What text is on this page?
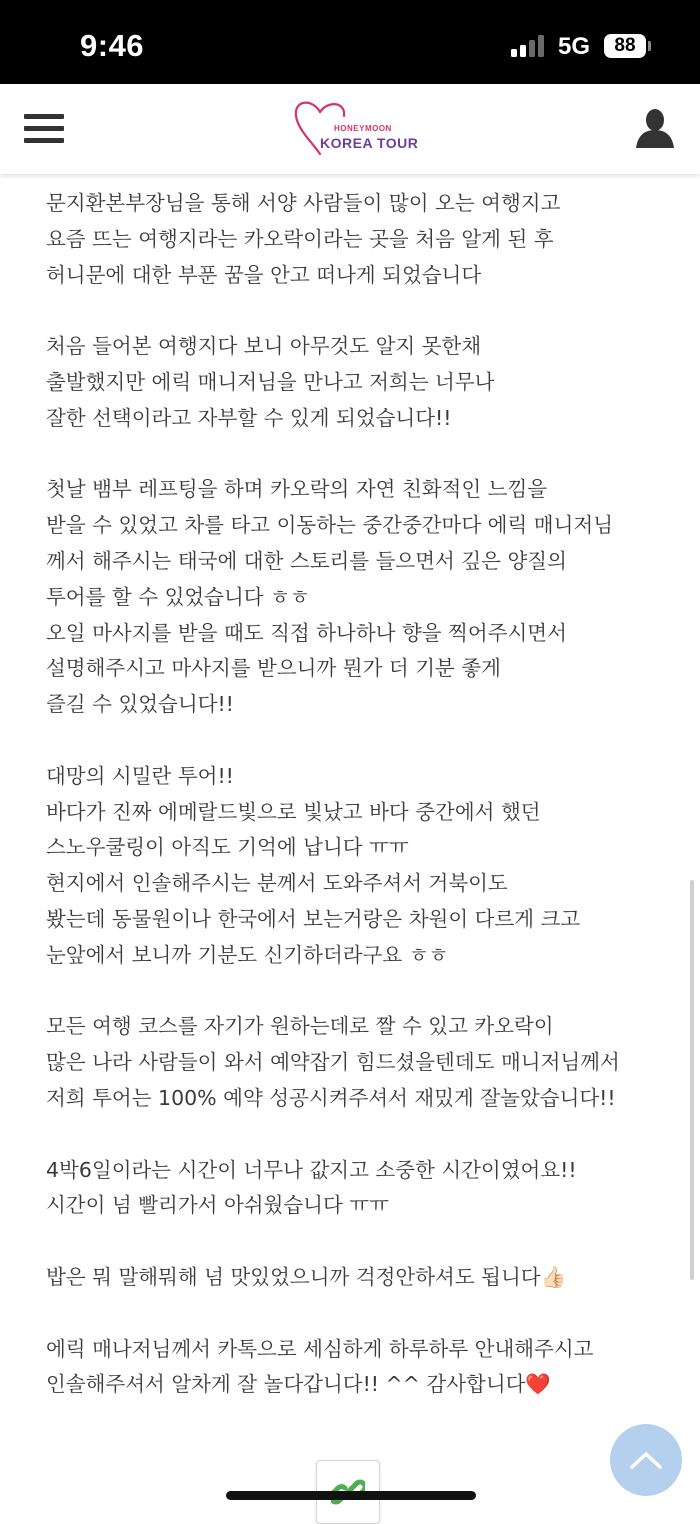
9:46	5G 88
HONEYMOON
KOREA TOUR

문지환본부장님을 통해 서양 사람들이 많이 오는 여행지고

요즘 뜨는 여행지라는 카오락이라는 곳을 처음 알게 된 후

허니문에 대한 부푼 꿈을 안고 떠나게 되었습니다

처음 들어본 여행지다 보니 아무것도 알지 못한채

출발했지만 에릭 매니저님을 만나고 저희는 너무나

잘한 선택이라고 자부할 수 있게 되었습니다!!

첫날 뱀부 레프팅을 하며 카오락의 자연 친화적인 느낌을

받을 수 있었고 차를 타고 이동하는 중간중간마다 에릭 매니저님

께서 해주시는 태국에 대한 스토리를 들으면서 깊은 양질의

투어를 할 수 있었습니다 ㅎㅎ

오일 마사지를 받을 때도 직접 하나하나 향을 찍어주시면서

설명해주시고 마사지를 받으니까 뭔가 더 기분 좋게

즐길 수 있었습니다!!

대망의 시밀란 투어!!

바다가 진짜 에메랄드빛으로 빛났고 바다 중간에서 했던

스노우쿨링이 아직도 기억에 납니다 ㅠㅠ

현지에서 인솔해주시는 분께서 도와주셔서 거북이도

봤는데 동물원이나 한국에서 보는거랑은 차원이 다르게 크고

눈앞에서 보니까 기분도 신기하더라구요 ㅎㅎ

모든 여행 코스를 자기가 원하는데로 짤 수 있고 카오락이

많은 나라 사람들이 와서 예약잡기 힘드셨을텐데도 매니저님께서

저희 투어는 100% 예약 성공시켜주셔서 재밌게 잘놀았습니다!!

4박6일이라는 시간이 너무나 값지고 소중한 시간이였어요!!

시간이 넘 빨리가서 아쉬웠습니다 ㅠㅠ

밥은 뭐 말해뭐해 넘 맛있었으니까 걱정안하셔도 됩니다👍🏻

에릭 매나저님께서 카톡으로 세심하게 하루하루 안내해주시고

인솔해주셔서 알차게 잘 놀다갑니다!! ^^ 감사합니다❤️
